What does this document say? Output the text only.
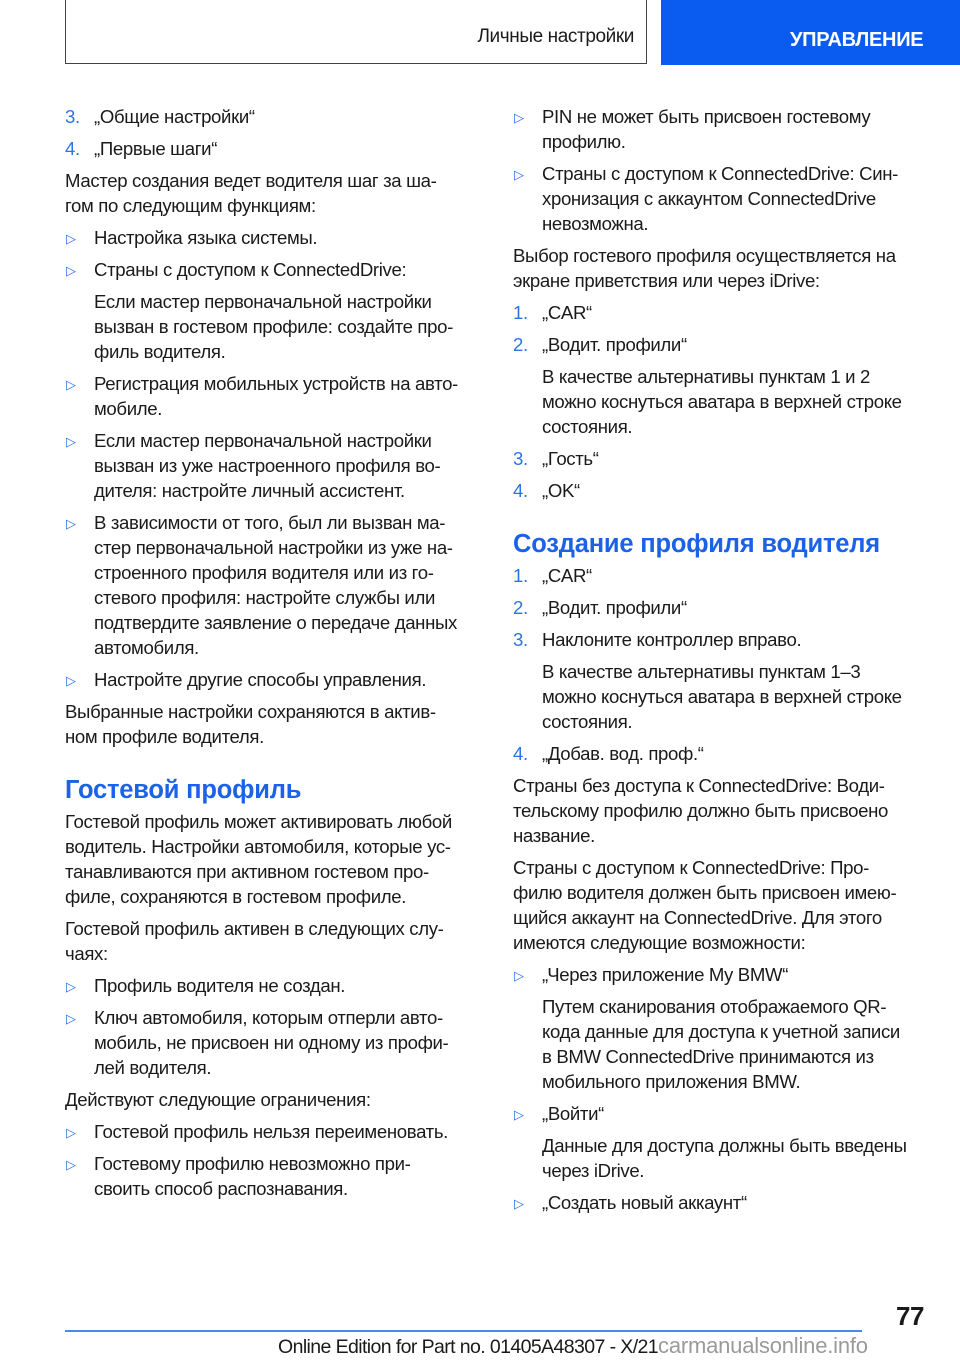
Личные настройки	УПРАВЛЕНИЕ
3. „Общие настройки“
4. „Первые шаги“
Мастер создания ведет водителя шаг за ша-
гом по следующим функциям:
▷ Настройка языка системы.
▷ Страны с доступом к ConnectedDrive:
Если мастер первоначальной настройки
вызван в гостевом профиле: создайте про-
филь водителя.
▷ Регистрация мобильных устройств на авто-
мобиле.
▷ Если мастер первоначальной настройки
вызван из уже настроенного профиля во-
дителя: настройте личный ассистент.
▷ В зависимости от того, был ли вызван ма-
стер первоначальной настройки из уже на-
строенного профиля водителя или из го-
стевого профиля: настройте службы или
подтвердите заявление о передаче данных
автомобиля.
▷ Настройте другие способы управления.
Выбранные настройки сохраняются в актив-
ном профиле водителя.
Гостевой профиль
Гостевой профиль может активировать любой
водитель. Настройки автомобиля, которые ус-
танавливаются при активном гостевом про-
филе, сохраняются в гостевом профиле.
Гостевой профиль активен в следующих слу-
чаях:
▷ Профиль водителя не создан.
▷ Ключ автомобиля, которым отперли авто-
мобиль, не присвоен ни одному из профи-
лей водителя.
Действуют следующие ограничения:
▷ Гостевой профиль нельзя переименовать.
▷ Гостевому профилю невозможно при-
своить способ распознавания.
▷ PIN не может быть присвоен гостевому
профилю.
▷ Страны с доступом к ConnectedDrive: Син-
хронизация с аккаунтом ConnectedDrive
невозможна.
Выбор гостевого профиля осуществляется на
экране приветствия или через iDrive:
1. „CAR“
2. „Водит. профили“
В качестве альтернативы пунктам 1 и 2
можно коснуться аватара в верхней строке
состояния.
3. „Гость“
4. „OK“
Создание профиля водителя
1. „CAR“
2. „Водит. профили“
3. Наклоните контроллер вправо.
В качестве альтернативы пунктам 1–3
можно коснуться аватара в верхней строке
состояния.
4. „Добав. вод. проф.“
Страны без доступа к ConnectedDrive: Води-
тельскому профилю должно быть присвоено
название.
Страны с доступом к ConnectedDrive: Про-
филю водителя должен быть присвоен имею-
щийся аккаунт на ConnectedDrive. Для этого
имеются следующие возможности:
▷ „Через приложение My BMW“
Путем сканирования отображаемого QR-
кода данные для доступа к учетной записи
в BMW ConnectedDrive принимаются из
мобильного приложения BMW.
▷ „Войти“
Данные для доступа должны быть введены
через iDrive.
▷ „Создать новый аккаунт“
77
Online Edition for Part no. 01405A48307 - X/21carmanualsonline.info
